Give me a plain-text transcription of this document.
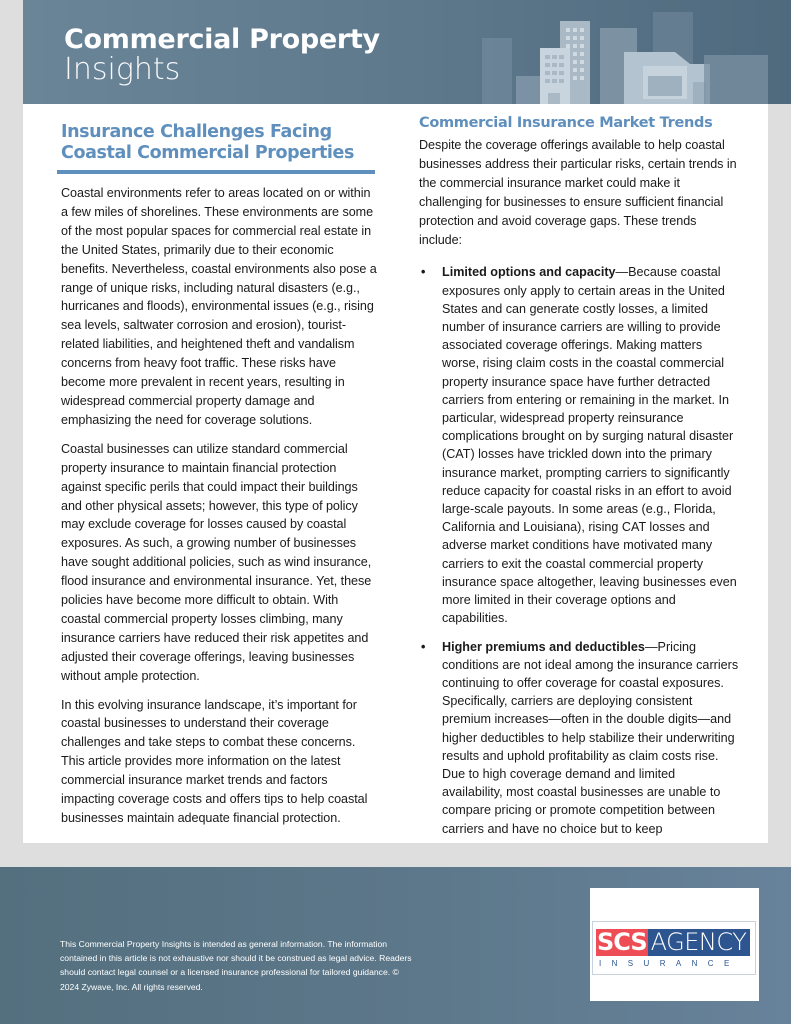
Commercial Property
Insights
Insurance Challenges Facing Coastal Commercial Properties

Coastal environments refer to areas located on or within a few miles of shorelines. These environments are some of the most popular spaces for commercial real estate in the United States, primarily due to their economic benefits. Nevertheless, coastal environments also pose a range of unique risks, including natural disasters (e.g., hurricanes and floods), environmental issues (e.g., rising sea levels, saltwater corrosion and erosion), tourist-related liabilities, and heightened theft and vandalism concerns from heavy foot traffic. These risks have become more prevalent in recent years, resulting in widespread commercial property damage and emphasizing the need for coverage solutions.

Coastal businesses can utilize standard commercial property insurance to maintain financial protection against specific perils that could impact their buildings and other physical assets; however, this type of policy may exclude coverage for losses caused by coastal exposures. As such, a growing number of businesses have sought additional policies, such as wind insurance, flood insurance and environmental insurance. Yet, these policies have become more difficult to obtain. With coastal commercial property losses climbing, many insurance carriers have reduced their risk appetites and adjusted their coverage offerings, leaving businesses without ample protection.

In this evolving insurance landscape, it’s important for coastal businesses to understand their coverage challenges and take steps to combat these concerns. This article provides more information on the latest commercial insurance market trends and factors impacting coverage costs and offers tips to help coastal businesses maintain adequate financial protection.

Commercial Insurance Market Trends

Despite the coverage offerings available to help coastal businesses address their particular risks, certain trends in the commercial insurance market could make it challenging for businesses to ensure sufficient financial protection and avoid coverage gaps. These trends include:

• Limited options and capacity—Because coastal exposures only apply to certain areas in the United States and can generate costly losses, a limited number of insurance carriers are willing to provide associated coverage offerings. Making matters worse, rising claim costs in the coastal commercial property insurance space have further detracted carriers from entering or remaining in the market. In particular, widespread property reinsurance complications brought on by surging natural disaster (CAT) losses have trickled down into the primary insurance market, prompting carriers to significantly reduce capacity for coastal risks in an effort to avoid large-scale payouts. In some areas (e.g., Florida, California and Louisiana), rising CAT losses and adverse market conditions have motivated many carriers to exit the coastal commercial property insurance space altogether, leaving businesses even more limited in their coverage options and capabilities.
• Higher premiums and deductibles—Pricing conditions are not ideal among the insurance carriers continuing to offer coverage for coastal exposures. Specifically, carriers are deploying consistent premium increases—often in the double digits—and higher deductibles to help stabilize their underwriting results and uphold profitability as claim costs rise. Due to high coverage demand and limited availability, most coastal businesses are unable to compare pricing or promote competition between carriers and have no choice but to keep
This Commercial Property Insights is intended as general information. The information contained in this article is not exhaustive nor should it be construed as legal advice. Readers should contact legal counsel or a licensed insurance professional for tailored guidance. © 2024 Zywave, Inc. All rights reserved.
SCS AGENCY
INSURANCE
